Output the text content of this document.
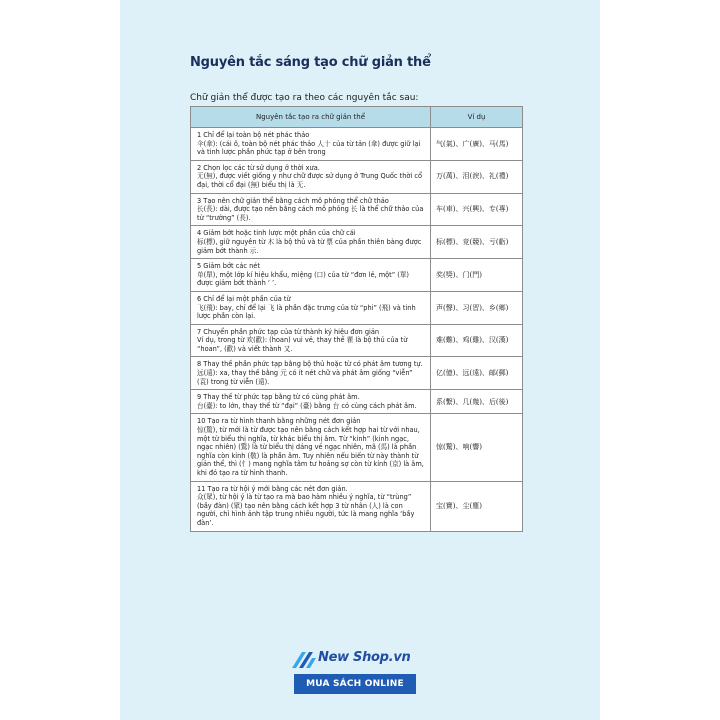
Nguyên tắc sáng tạo chữ giản thể
Chữ giản thể được tạo ra theo các nguyên tắc sau:
Nguyên tắc tạo ra chữ giản thể	Ví dụ

1 Chỉ để lại toàn bộ nét phác thảo
伞(傘): (cái ô, toàn bộ nét phác thảo 人十 của từ tản (傘) được giữ lại và tinh lược phần phức tạp ở bên trong	气(氣)、广(廣)、马(馬)

2 Chọn lọc các từ sử dụng ở thời xưa.
无(無), được viết giống y như chữ được sử dụng ở Trung Quốc thời cổ đại, thời cổ đại (無) biểu thị là 无.	万(萬)、泪(淚)、礼(禮)

3 Tạo nên chữ giản thể bằng cách mô phỏng thể chữ thảo
长(長): dài, được tạo nên bằng cách mô phỏng 长 là thể chữ thảo của từ “trường” (長).	车(車)、兴(興)、专(專)

4 Giảm bớt hoặc tinh lược một phần của chữ cái
标(標), giữ nguyên từ 木 là bộ thủ và từ 票 của phần thiên bàng được giảm bớt thành 示.	标(標)、竞(競)、亏(虧)

5 Giảm bớt các nét
单(單), một lớp kí hiệu khẩu, miệng (口) của từ “đơn lẻ, một” (單) được giảm bớt thành ‘ ’.	奖(獎)、门(門)

6 Chỉ để lại một phần của từ
飞(飛): bay, chỉ để lại 飞 là phần đặc trưng của từ “phi” (飛) và tinh lược phần còn lại.	声(聲)、习(習)、乡(鄉)

7 Chuyển phần phức tạp của từ thành ký hiệu đơn giản
Ví dụ, trong từ 欢(歡): (hoan) vui vẻ, thay thế 雚 là bộ thủ của từ “hoan”, (歡) và viết thành 又.	难(難)、鸡(雞)、汉(漢)

8 Thay thế phần phức tạp bằng bộ thủ hoặc từ có phát âm tương tự.
远(遠): xa, thay thế bằng 元 có ít nét chữ và phát âm giống “viễn” (袁) trong từ viễn (遠).	亿(億)、远(遠)、邮(郵)

9 Thay thế từ phức tạp bằng từ có cùng phát âm.
台(臺): to lớn, thay thế từ “đại” (臺) bằng 台 có cùng cách phát âm.	系(繫)、几(幾)、后(後)

10 Tạo ra từ hình thanh bằng những nét đơn giản
惊(驚), từ mới là từ được tạo nên bằng cách kết hợp hai từ với nhau, một từ biểu thị nghĩa, từ khác biểu thị âm. Từ “kinh” (kinh ngạc, ngạc nhiên) (驚) là từ biểu thị dáng vẻ ngạc nhiên, mã (馬) là phần nghĩa còn kính (敬) là phần âm. Tuy nhiên nếu biến từ này thành từ giản thể, thì (忄) mang nghĩa tâm tư hoảng sợ còn từ kính (京) là âm, khi đó tạo ra từ hình thanh.	惊(驚)、响(響)

11 Tạo ra từ hội ý mới bằng các nét đơn giản.
众(眾), từ hội ý là từ tạo ra mà bao hàm nhiều ý nghĩa, từ “trùng” (bầy đàn) (眾) tạo nên bằng cách kết hợp 3 từ nhân (人) là con người, chỉ hình ảnh tập trung nhiều người, tức là mang nghĩa ‘bầy đàn’.	宝(寶)、尘(塵)
New Shop.vn
MUA SÁCH ONLINE
